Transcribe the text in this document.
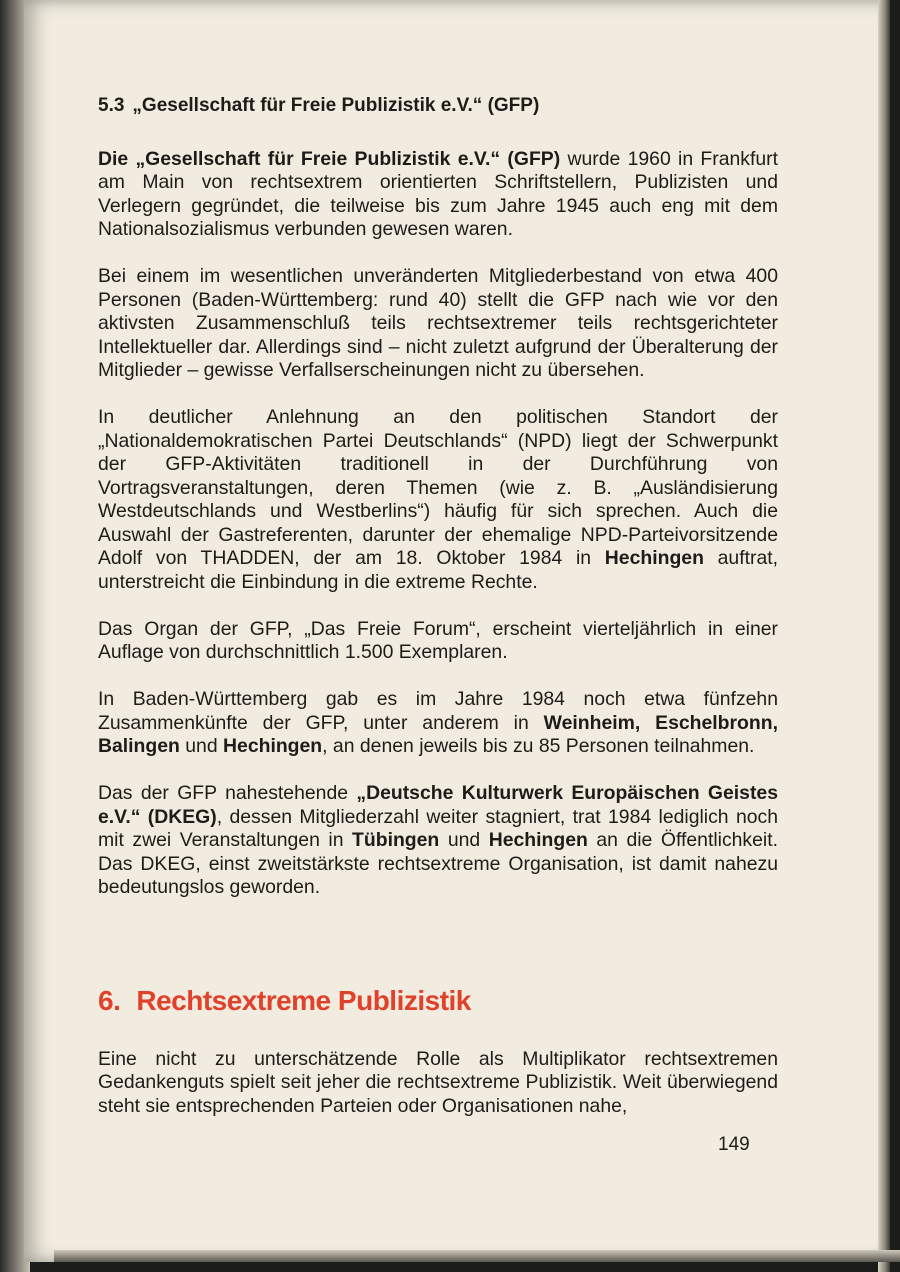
5.3 „Gesellschaft für Freie Publizistik e.V.“ (GFP)

Die „Gesellschaft für Freie Publizistik e.V.“ (GFP) wurde 1960 in Frankfurt am Main von rechtsextrem orientierten Schriftstellern, Publizisten und Verlegern gegründet, die teilweise bis zum Jahre 1945 auch eng mit dem Nationalsozialismus verbunden gewesen waren.

Bei einem im wesentlichen unveränderten Mitgliederbestand von etwa 400 Personen (Baden-Württemberg: rund 40) stellt die GFP nach wie vor den aktivsten Zusammenschluß teils rechtsextremer teils rechtsgerichteter Intellektueller dar. Allerdings sind – nicht zuletzt aufgrund der Überalterung der Mitglieder – gewisse Verfallserscheinungen nicht zu übersehen.

In deutlicher Anlehnung an den politischen Standort der „Nationaldemokratischen Partei Deutschlands“ (NPD) liegt der Schwerpunkt der GFP-Aktivitäten traditionell in der Durchführung von Vortragsveranstaltungen, deren Themen (wie z. B. „Ausländisierung Westdeutschlands und Westberlins“) häufig für sich sprechen. Auch die Auswahl der Gastreferenten, darunter der ehemalige NPD-Parteivorsitzende Adolf von THADDEN, der am 18. Oktober 1984 in Hechingen auftrat, unterstreicht die Einbindung in die extreme Rechte.

Das Organ der GFP, „Das Freie Forum“, erscheint vierteljährlich in einer Auflage von durchschnittlich 1.500 Exemplaren.

In Baden-Württemberg gab es im Jahre 1984 noch etwa fünfzehn Zusammenkünfte der GFP, unter anderem in Weinheim, Eschelbronn, Balingen und Hechingen, an denen jeweils bis zu 85 Personen teilnahmen.

Das der GFP nahestehende „Deutsche Kulturwerk Europäischen Geistes e.V.“ (DKEG), dessen Mitgliederzahl weiter stagniert, trat 1984 lediglich noch mit zwei Veranstaltungen in Tübingen und Hechingen an die Öffentlichkeit. Das DKEG, einst zweitstärkste rechtsextreme Organisation, ist damit nahezu bedeutungslos geworden.

6. Rechtsextreme Publizistik

Eine nicht zu unterschätzende Rolle als Multiplikator rechtsextremen Gedankenguts spielt seit jeher die rechtsextreme Publizistik. Weit überwiegend steht sie entsprechenden Parteien oder Organisationen nahe,

149
